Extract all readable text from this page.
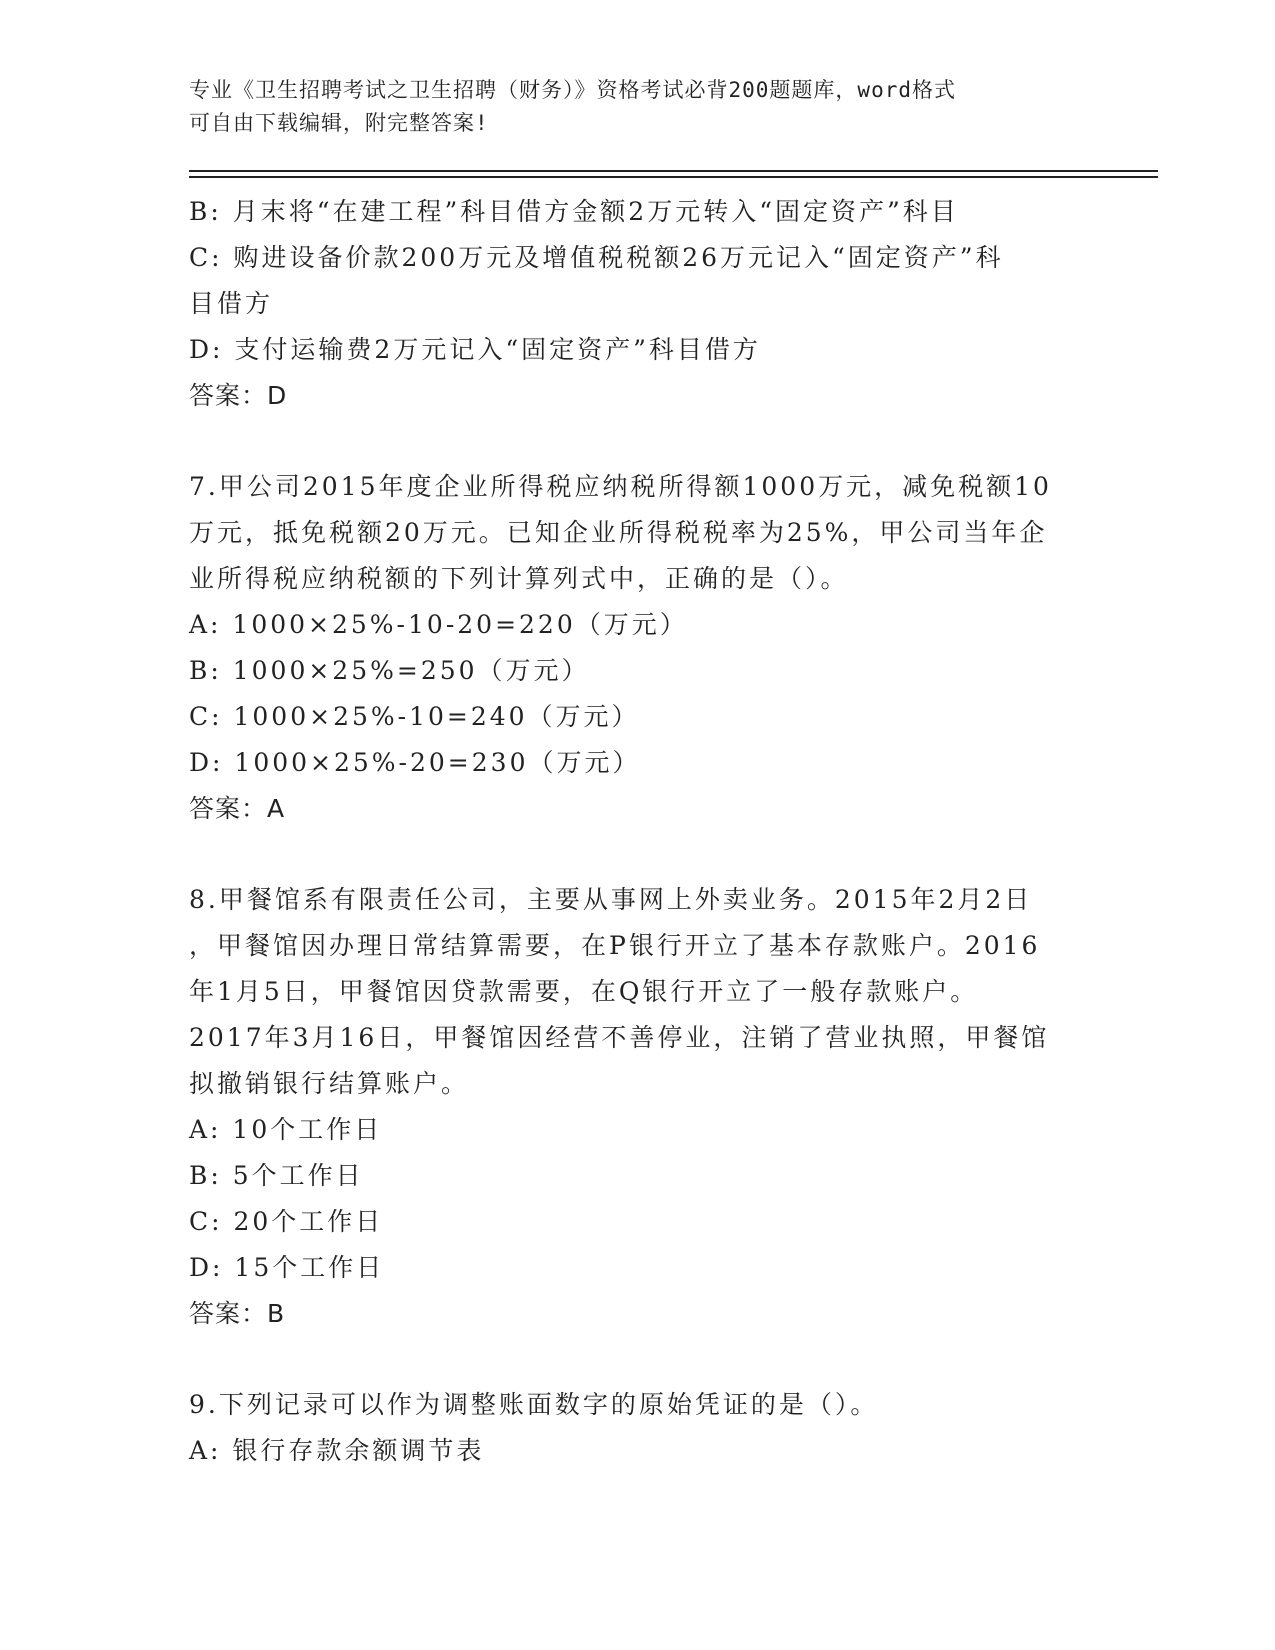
专业《卫生招聘考试之卫生招聘（财务）》资格考试必背200题题库，word格式
可自由下载编辑，附完整答案!
B: 月末将“在建工程”科目借方金额2万元转入“固定资产”科目
C: 购进设备价款200万元及增值税税额26万元记入“固定资产”科
目借方
D: 支付运输费2万元记入“固定资产”科目借方
答案：D
7.甲公司2015年度企业所得税应纳税所得额1000万元，减免税额10
万元，抵免税额20万元。已知企业所得税税率为25%，甲公司当年企
业所得税应纳税额的下列计算列式中，正确的是（）。
A: 1000×25%-10-20=220（万元）
B: 1000×25%=250（万元）
C: 1000×25%-10=240（万元）
D: 1000×25%-20=230（万元）
答案：A
8.甲餐馆系有限责任公司，主要从事网上外卖业务。2015年2月2日
，甲餐馆因办理日常结算需要，在P银行开立了基本存款账户。2016
年1月5日，甲餐馆因贷款需要，在Q银行开立了一般存款账户。
2017年3月16日，甲餐馆因经营不善停业，注销了营业执照，甲餐馆
拟撤销银行结算账户。
A: 10个工作日
B: 5个工作日
C: 20个工作日
D: 15个工作日
答案：B
9.下列记录可以作为调整账面数字的原始凭证的是（）。
A: 银行存款余额调节表
